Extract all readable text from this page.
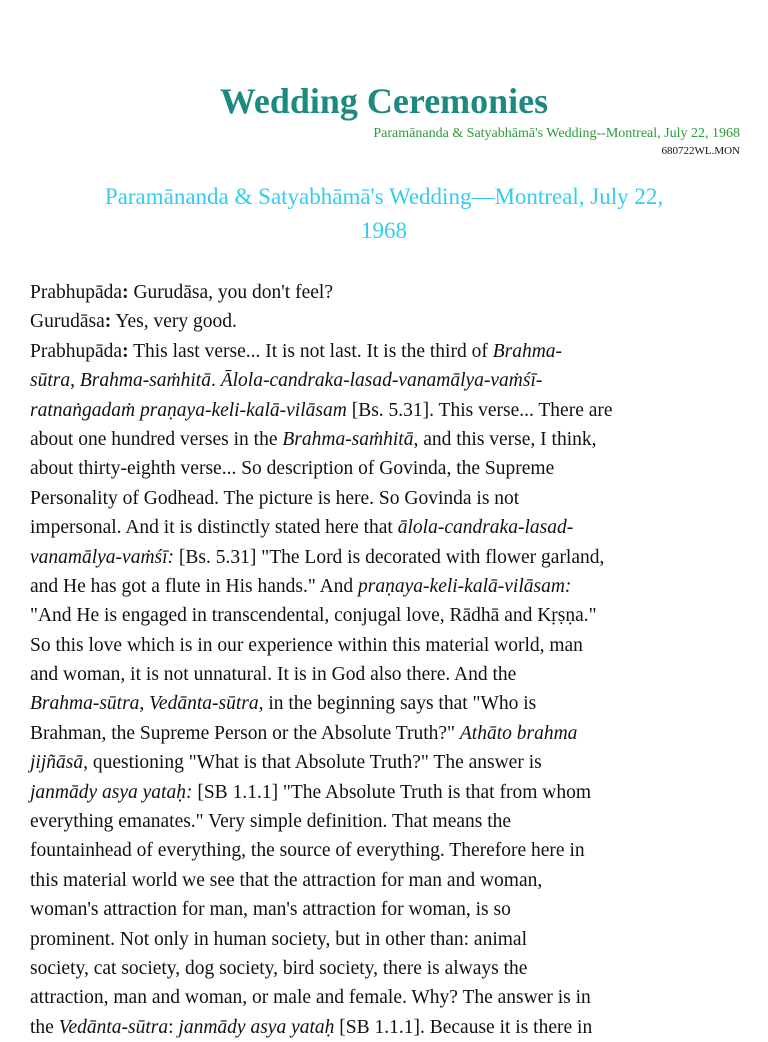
Wedding Ceremonies
Paramānanda & Satyabhāmā's Wedding--Montreal, July 22, 1968
680722WL.MON
Paramānanda & Satyabhāmā's Wedding—Montreal, July 22,
1968
Prabhupāda: Gurudāsa, you don't feel?
Gurudāsa: Yes, very good.
Prabhupāda: This last verse... It is not last. It is the third of Brahma-
sūtra, Brahma-saṁhitā. Ālola-candraka-lasad-vanamālya-vaṁśī-
ratnaṅgadaṁ praṇaya-keli-kalā-vilāsam [Bs. 5.31]. This verse... There are
about one hundred verses in the Brahma-saṁhitā, and this verse, I think,
about thirty-eighth verse... So description of Govinda, the Supreme
Personality of Godhead. The picture is here. So Govinda is not
impersonal. And it is distinctly stated here that ālola-candraka-lasad-
vanamālya-vaṁśī: [Bs. 5.31] "The Lord is decorated with flower garland,
and He has got a flute in His hands." And praṇaya-keli-kalā-vilāsam:
"And He is engaged in transcendental, conjugal love, Rādhā and Kṛṣṇa."
So this love which is in our experience within this material world, man
and woman, it is not unnatural. It is in God also there. And the
Brahma-sūtra, Vedānta-sūtra, in the beginning says that "Who is
Brahman, the Supreme Person or the Absolute Truth?" Athāto brahma
jijñāsā, questioning "What is that Absolute Truth?" The answer is
janmādy asya yataḥ: [SB 1.1.1] "The Absolute Truth is that from whom
everything emanates." Very simple definition. That means the
fountainhead of everything, the source of everything. Therefore here in
this material world we see that the attraction for man and woman,
woman's attraction for man, man's attraction for woman, is so
prominent. Not only in human society, but in other than: animal
society, cat society, dog society, bird society, there is always the
attraction, man and woman, or male and female. Why? The answer is in
the Vedānta-sūtra: janmādy asya yataḥ [SB 1.1.1]. Because it is there in
